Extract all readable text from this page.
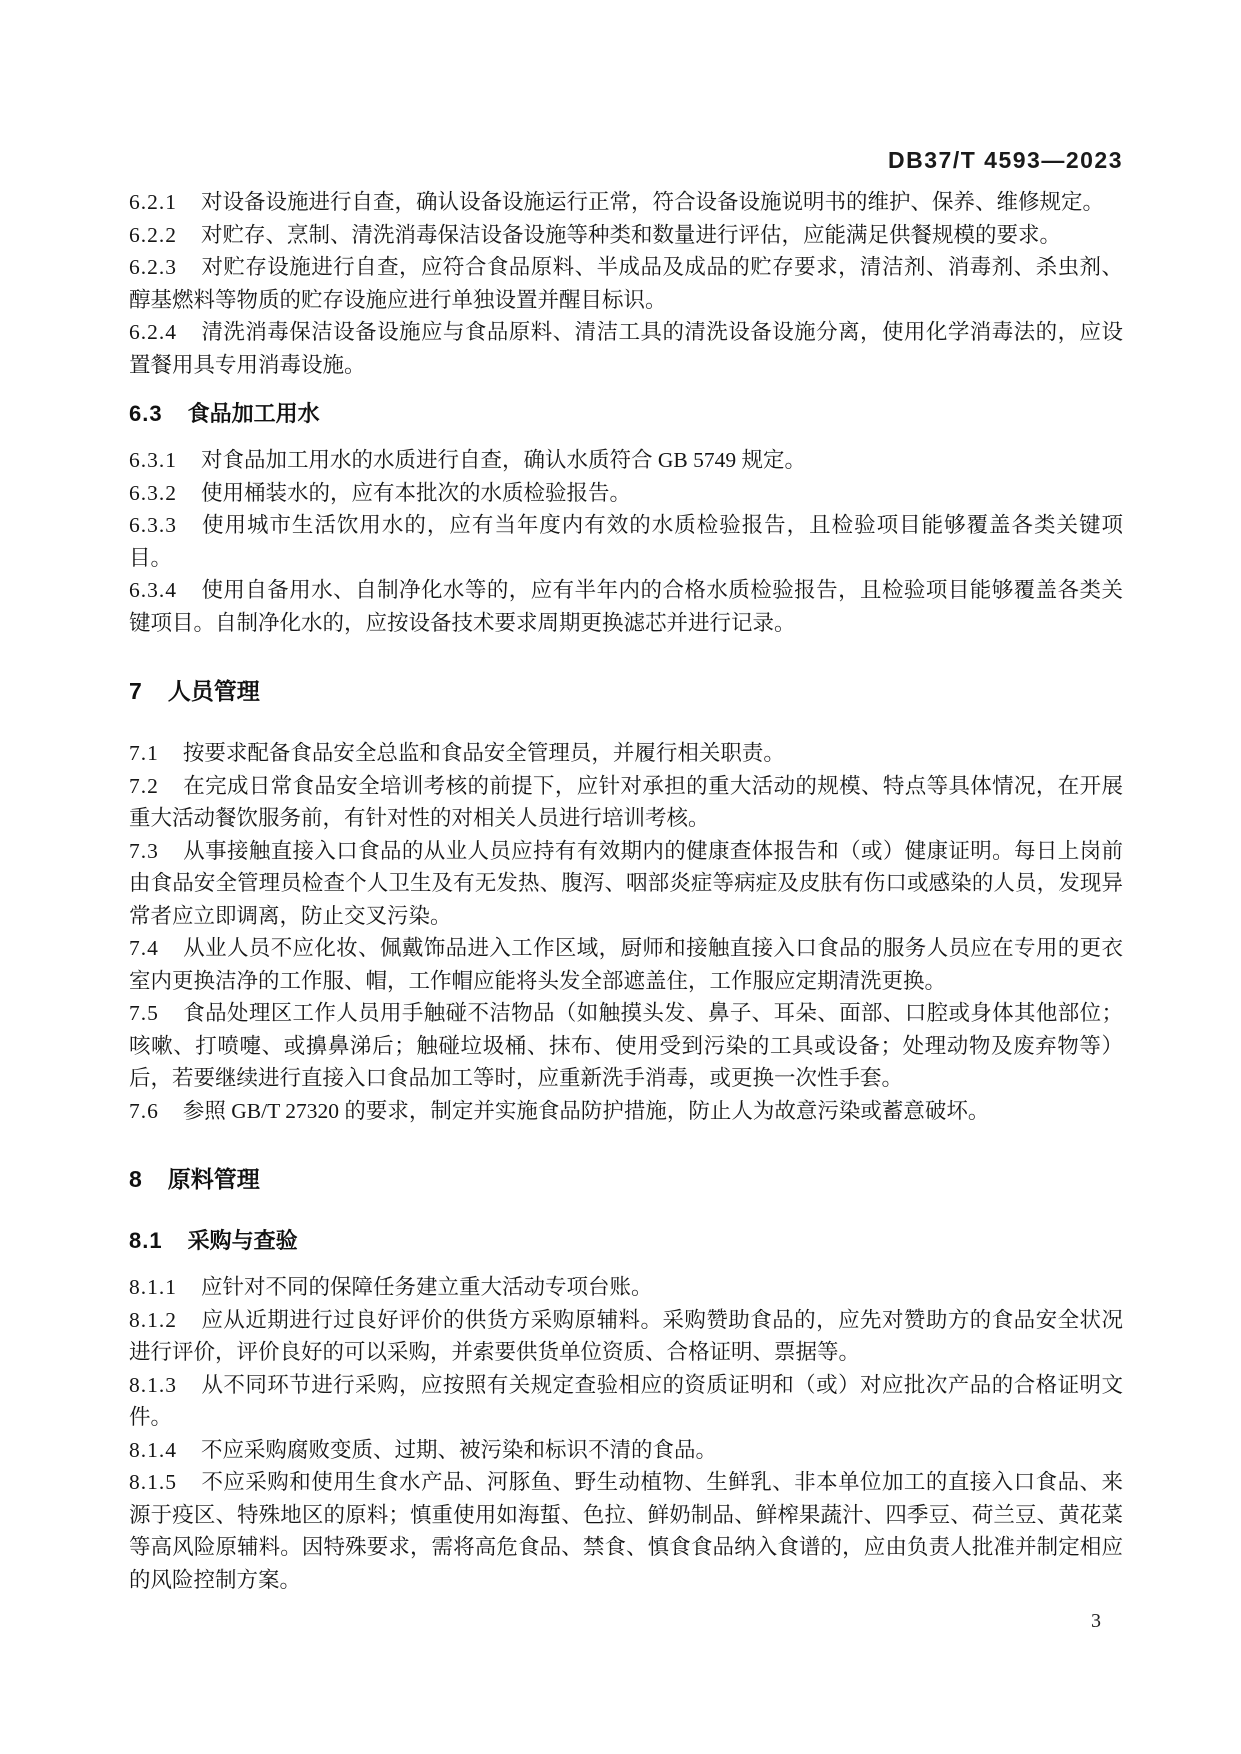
DB37/T 4593—2023

6.2.1 对设备设施进行自查，确认设备设施运行正常，符合设备设施说明书的维护、保养、维修规定。

6.2.2 对贮存、烹制、清洗消毒保洁设备设施等种类和数量进行评估，应能满足供餐规模的要求。

6.2.3 对贮存设施进行自查，应符合食品原料、半成品及成品的贮存要求，清洁剂、消毒剂、杀虫剂、醇基燃料等物质的贮存设施应进行单独设置并醒目标识。

6.2.4 清洗消毒保洁设备设施应与食品原料、清洁工具的清洗设备设施分离，使用化学消毒法的，应设置餐用具专用消毒设施。

6.3 食品加工用水

6.3.1 对食品加工用水的水质进行自查，确认水质符合 GB 5749 规定。

6.3.2 使用桶装水的，应有本批次的水质检验报告。

6.3.3 使用城市生活饮用水的，应有当年度内有效的水质检验报告，且检验项目能够覆盖各类关键项目。

6.3.4 使用自备用水、自制净化水等的，应有半年内的合格水质检验报告，且检验项目能够覆盖各类关键项目。自制净化水的，应按设备技术要求周期更换滤芯并进行记录。

7 人员管理

7.1 按要求配备食品安全总监和食品安全管理员，并履行相关职责。

7.2 在完成日常食品安全培训考核的前提下，应针对承担的重大活动的规模、特点等具体情况，在开展重大活动餐饮服务前，有针对性的对相关人员进行培训考核。

7.3 从事接触直接入口食品的从业人员应持有有效期内的健康查体报告和（或）健康证明。每日上岗前由食品安全管理员检查个人卫生及有无发热、腹泻、咽部炎症等病症及皮肤有伤口或感染的人员，发现异常者应立即调离，防止交叉污染。

7.4 从业人员不应化妆、佩戴饰品进入工作区域，厨师和接触直接入口食品的服务人员应在专用的更衣室内更换洁净的工作服、帽，工作帽应能将头发全部遮盖住，工作服应定期清洗更换。

7.5 食品处理区工作人员用手触碰不洁物品（如触摸头发、鼻子、耳朵、面部、口腔或身体其他部位；咳嗽、打喷嚏、或擤鼻涕后；触碰垃圾桶、抹布、使用受到污染的工具或设备；处理动物及废弃物等）后，若要继续进行直接入口食品加工等时，应重新洗手消毒，或更换一次性手套。

7.6 参照 GB/T 27320 的要求，制定并实施食品防护措施，防止人为故意污染或蓄意破坏。

8 原料管理
8.1 采购与查验

8.1.1 应针对不同的保障任务建立重大活动专项台账。

8.1.2 应从近期进行过良好评价的供货方采购原辅料。采购赞助食品的，应先对赞助方的食品安全状况进行评价，评价良好的可以采购，并索要供货单位资质、合格证明、票据等。

8.1.3 从不同环节进行采购，应按照有关规定查验相应的资质证明和（或）对应批次产品的合格证明文件。

8.1.4 不应采购腐败变质、过期、被污染和标识不清的食品。

8.1.5 不应采购和使用生食水产品、河豚鱼、野生动植物、生鲜乳、非本单位加工的直接入口食品、来源于疫区、特殊地区的原料；慎重使用如海蜇、色拉、鲜奶制品、鲜榨果蔬汁、四季豆、荷兰豆、黄花菜等高风险原辅料。因特殊要求，需将高危食品、禁食、慎食食品纳入食谱的，应由负责人批准并制定相应的风险控制方案。

3
